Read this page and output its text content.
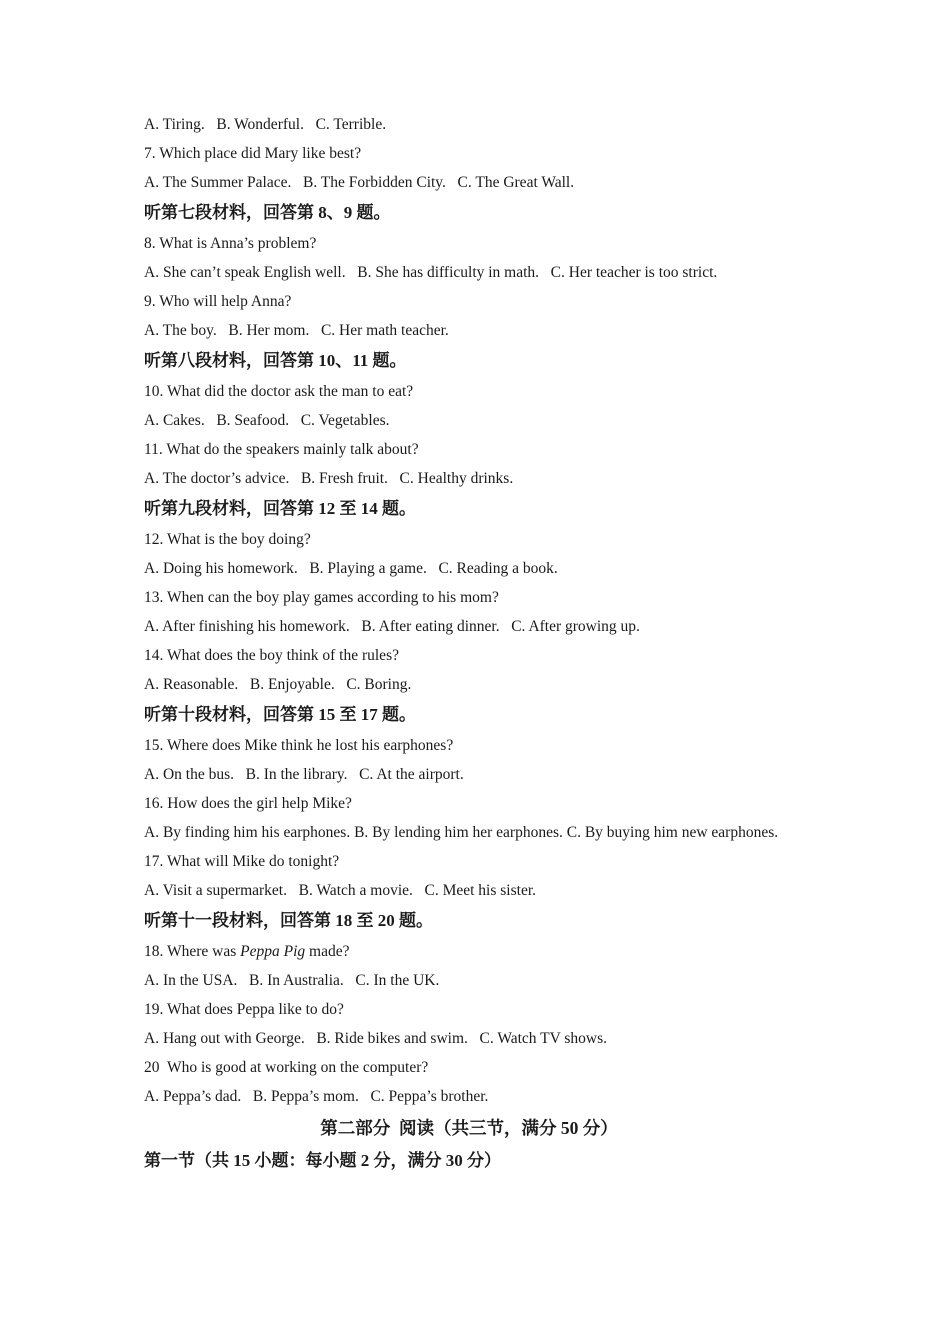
A. Tiring.   B. Wonderful.   C. Terrible.
7. Which place did Mary like best?
A. The Summer Palace.   B. The Forbidden City.   C. The Great Wall.
听第七段材料，回答第 8、9 题。
8. What is Anna’s problem?
A. She can’t speak English well.   B. She has difficulty in math.   C. Her teacher is too strict.
9. Who will help Anna?
A. The boy.   B. Her mom.   C. Her math teacher.
听第八段材料，回答第 10、11 题。
10. What did the doctor ask the man to eat?
A. Cakes.   B. Seafood.   C. Vegetables.
11. What do the speakers mainly talk about?
A. The doctor’s advice.   B. Fresh fruit.   C. Healthy drinks.
听第九段材料，回答第 12 至 14 题。
12. What is the boy doing?
A. Doing his homework.   B. Playing a game.   C. Reading a book.
13. When can the boy play games according to his mom?
A. After finishing his homework.   B. After eating dinner.   C. After growing up.
14. What does the boy think of the rules?
A. Reasonable.   B. Enjoyable.   C. Boring.
听第十段材料，回答第 15 至 17 题。
15. Where does Mike think he lost his earphones?
A. On the bus.   B. In the library.   C. At the airport.
16. How does the girl help Mike?
A. By finding him his earphones. B. By lending him her earphones. C. By buying him new earphones.
17. What will Mike do tonight?
A. Visit a supermarket.   B. Watch a movie.   C. Meet his sister.
听第十一段材料，回答第 18 至 20 题。
18. Where was Peppa Pig made?
A. In the USA.   B. In Australia.   C. In the UK.
19. What does Peppa like to do?
A. Hang out with George.   B. Ride bikes and swim.   C. Watch TV shows.
20  Who is good at working on the computer?
A. Peppa’s dad.   B. Peppa’s mom.   C. Peppa’s brother.
第二部分  阅读（共三节，满分 50 分）
第一节（共 15 小题：每小题 2 分，满分 30 分）
